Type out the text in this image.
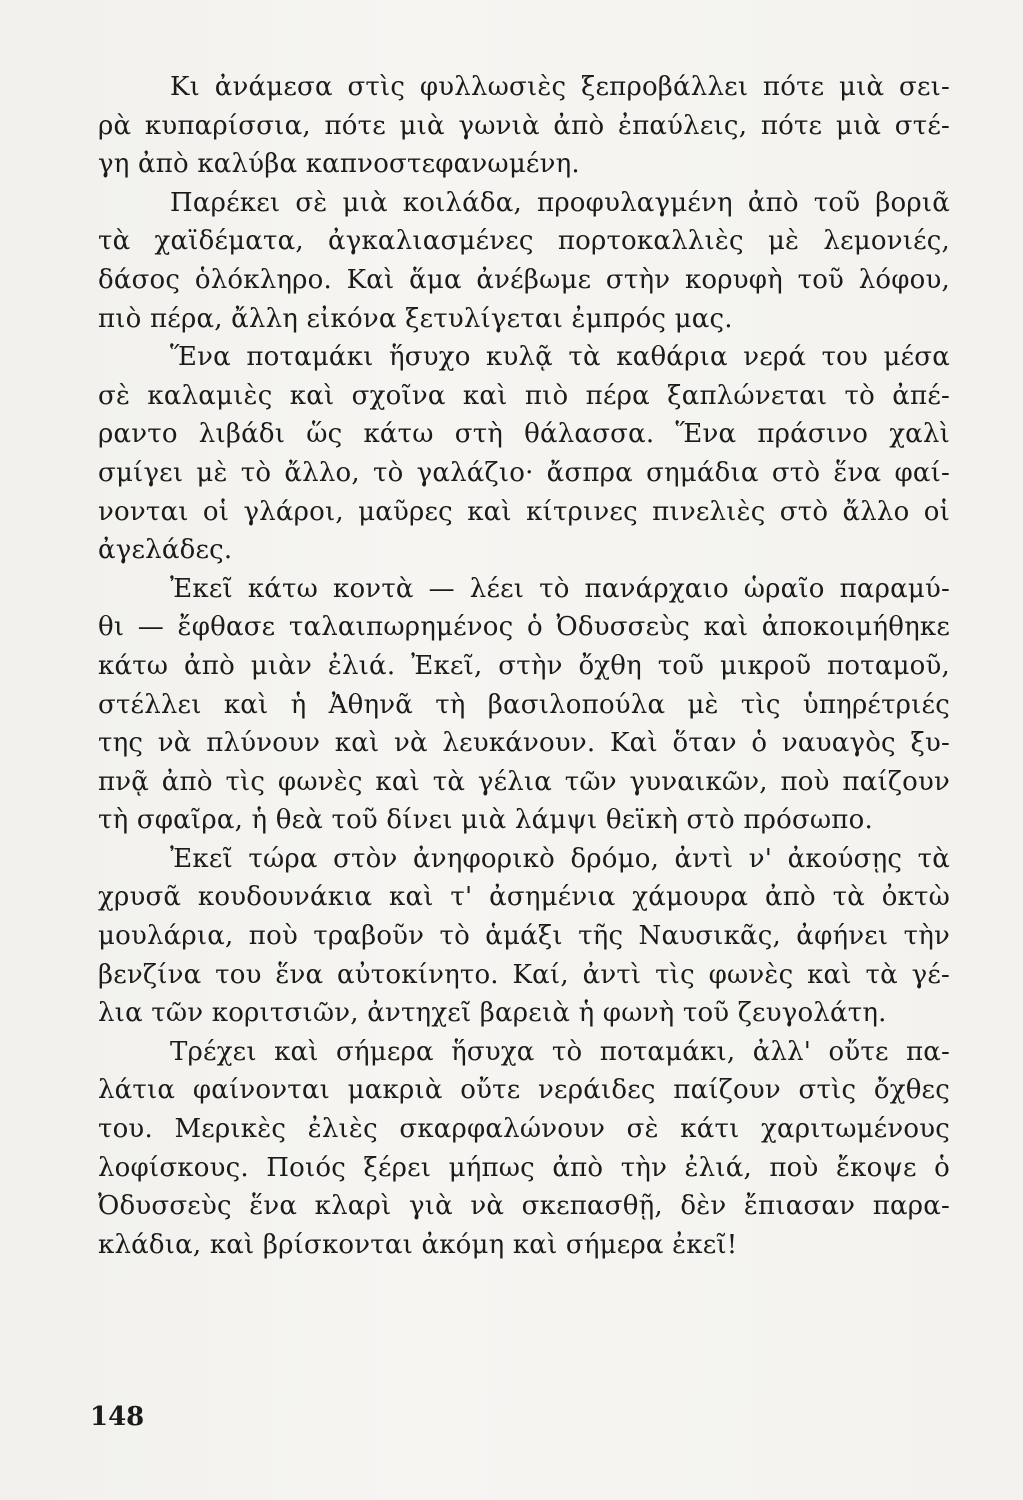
Κι ἀνάμεσα στὶς φυλλωσιὲς ξεπροβάλλει πότε μιὰ σει-
ρὰ κυπαρίσσια, πότε μιὰ γωνιὰ ἀπὸ ἐπαύλεις, πότε μιὰ στέ-
γη ἀπὸ καλύβα καπνοστεφανωμένη.
Παρέκει σὲ μιὰ κοιλάδα, προφυλαγμένη ἀπὸ τοῦ βοριᾶ
τὰ χαϊδέματα, ἀγκαλιασμένες πορτοκαλλιὲς μὲ λεμονιές,
δάσος ὁλόκληρο. Καὶ ἅμα ἀνέβωμε στὴν κορυφὴ τοῦ λόφου,
πιὸ πέρα, ἄλλη εἰκόνα ξετυλίγεται ἐμπρός μας.
Ἕνα ποταμάκι ἥσυχο κυλᾷ τὰ καθάρια νερά του μέσα
σὲ καλαμιὲς καὶ σχοῖνα καὶ πιὸ πέρα ξαπλώνεται τὸ ἀπέ-
ραντο λιβάδι ὥς κάτω στὴ θάλασσα. Ἕνα πράσινο χαλὶ
σμίγει μὲ τὸ ἄλλο, τὸ γαλάζιο· ἄσπρα σημάδια στὸ ἕνα φαί-
νονται οἱ γλάροι, μαῦρες καὶ κίτρινες πινελιὲς στὸ ἄλλο οἱ
ἀγελάδες.
Ἐκεῖ κάτω κοντὰ — λέει τὸ πανάρχαιο ὡραῖο παραμύ-
θι — ἔφθασε ταλαιπωρημένος ὁ Ὀδυσσεὺς καὶ ἀποκοιμήθηκε
κάτω ἀπὸ μιὰν ἐλιά. Ἐκεῖ, στὴν ὄχθη τοῦ μικροῦ ποταμοῦ,
στέλλει καὶ ἡ Ἀθηνᾶ τὴ βασιλοπούλα μὲ τὶς ὑπηρέτριές
της νὰ πλύνουν καὶ νὰ λευκάνουν. Καὶ ὅταν ὁ ναυαγὸς ξυ-
πνᾷ ἀπὸ τὶς φωνὲς καὶ τὰ γέλια τῶν γυναικῶν, ποὺ παίζουν
τὴ σφαῖρα, ἡ θεὰ τοῦ δίνει μιὰ λάμψι θεϊκὴ στὸ πρόσωπο.
Ἐκεῖ τώρα στὸν ἀνηφορικὸ δρόμο, ἀντὶ ν' ἀκούσῃς τὰ
χρυσᾶ κουδουνάκια καὶ τ' ἀσημένια χάμουρα ἀπὸ τὰ ὀκτὼ
μουλάρια, ποὺ τραβοῦν τὸ ἁμάξι τῆς Ναυσικᾶς, ἀφήνει τὴν
βενζίνα του ἕνα αὐτοκίνητο. Καί, ἀντὶ τὶς φωνὲς καὶ τὰ γέ-
λια τῶν κοριτσιῶν, ἀντηχεῖ βαρειὰ ἡ φωνὴ τοῦ ζευγολάτη.
Τρέχει καὶ σήμερα ἥσυχα τὸ ποταμάκι, ἀλλ' οὔτε πα-
λάτια φαίνονται μακριὰ οὔτε νεράιδες παίζουν στὶς ὄχθες
του. Μερικὲς ἐλιὲς σκαρφαλώνουν σὲ κάτι χαριτωμένους
λοφίσκους. Ποιός ξέρει μήπως ἀπὸ τὴν ἐλιά, ποὺ ἔκοψε ὁ
Ὀδυσσεὺς ἕνα κλαρὶ γιὰ νὰ σκεπασθῇ, δὲν ἔπιασαν παρα-
κλάδια, καὶ βρίσκονται ἀκόμη καὶ σήμερα ἐκεῖ!
148
